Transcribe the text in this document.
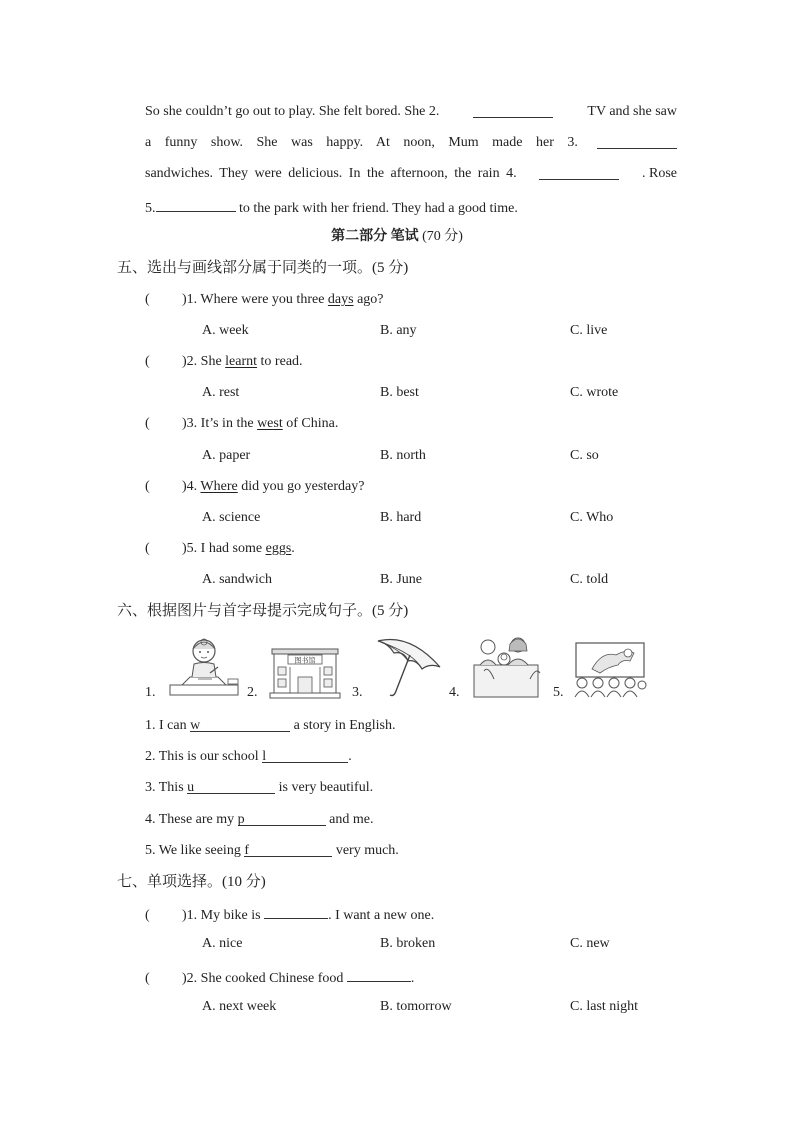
So she couldn’t go out to play. She felt bored. She 2.	TV and she saw
a funny show. She was happy. At noon, Mum made her 3.
sandwiches. They were delicious. In the afternoon, the rain 4.	. Rose
5.	to the park with her friend. They had a good time.
第二部分 笔试 (70 分)
五、选出与画线部分属于同类的一项。(5 分)
( )1. Where were you three days ago?
A. week	B. any	C. live
( )2. She learnt to read.
A. rest	B. best	C. wrote
( )3. It’s in the west of China.
A. paper	B. north	C. so
( )4. Where did you go yesterday?
A. science	B. hard	C. Who
( )5. I had some eggs.
A. sandwich	B. June	C. told
六、根据图片与首字母提示完成句子。(5 分)
1.	2.
图书馆
3.	4.	5.
1. I can w	a story in English.
2. This is our school l	.
3. This u	is very beautiful.
4. These are my p	and me.
5. We like seeing f	very much.
七、单项选择。(10 分)
( )1. My bike is	. I want a new one.
A. nice	B. broken	C. new
( )2. She cooked Chinese food	.
A. next week	B. tomorrow	C. last night
